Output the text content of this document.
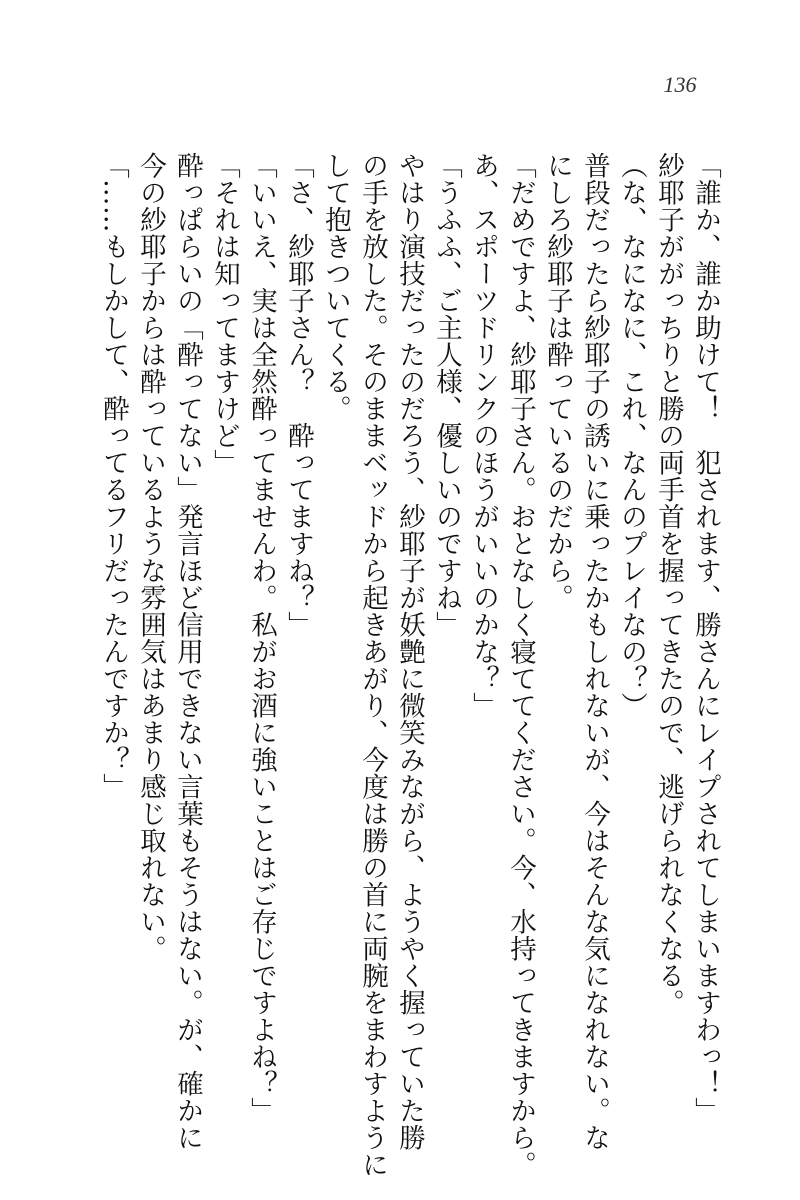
136
「誰か、誰か助けて！　犯されます、勝さんにレイプされてしまいますわっ！」
紗耶子ががっちりと勝の両手首を握ってきたので、逃げられなくなる。
（な、なになに、これ、なんのプレイなの？）
普段だったら紗耶子の誘いに乗ったかもしれないが、今はそんな気になれない。な
にしろ紗耶子は酔っているのだから。
「だめですよ、紗耶子さん。おとなしく寝ててください。今、水持ってきますから。
あ、スポーツドリンクのほうがいいのかな？」
「うふふ、ご主人様、優しいのですね」
やはり演技だったのだろう、紗耶子が妖艶に微笑みながら、ようやく握っていた勝
の手を放した。そのままベッドから起きあがり、今度は勝の首に両腕をまわすように
して抱きついてくる。
「さ、紗耶子さん？　酔ってますね？」
「いいえ、実は全然酔ってませんわ。私がお酒に強いことはご存じですよね？」
「それは知ってますけど」
酔っぱらいの「酔ってない」発言ほど信用できない言葉もそうはない。が、確かに
今の紗耶子からは酔っているような雰囲気はあまり感じ取れない。
「……もしかして、酔ってるフリだったんですか？」
